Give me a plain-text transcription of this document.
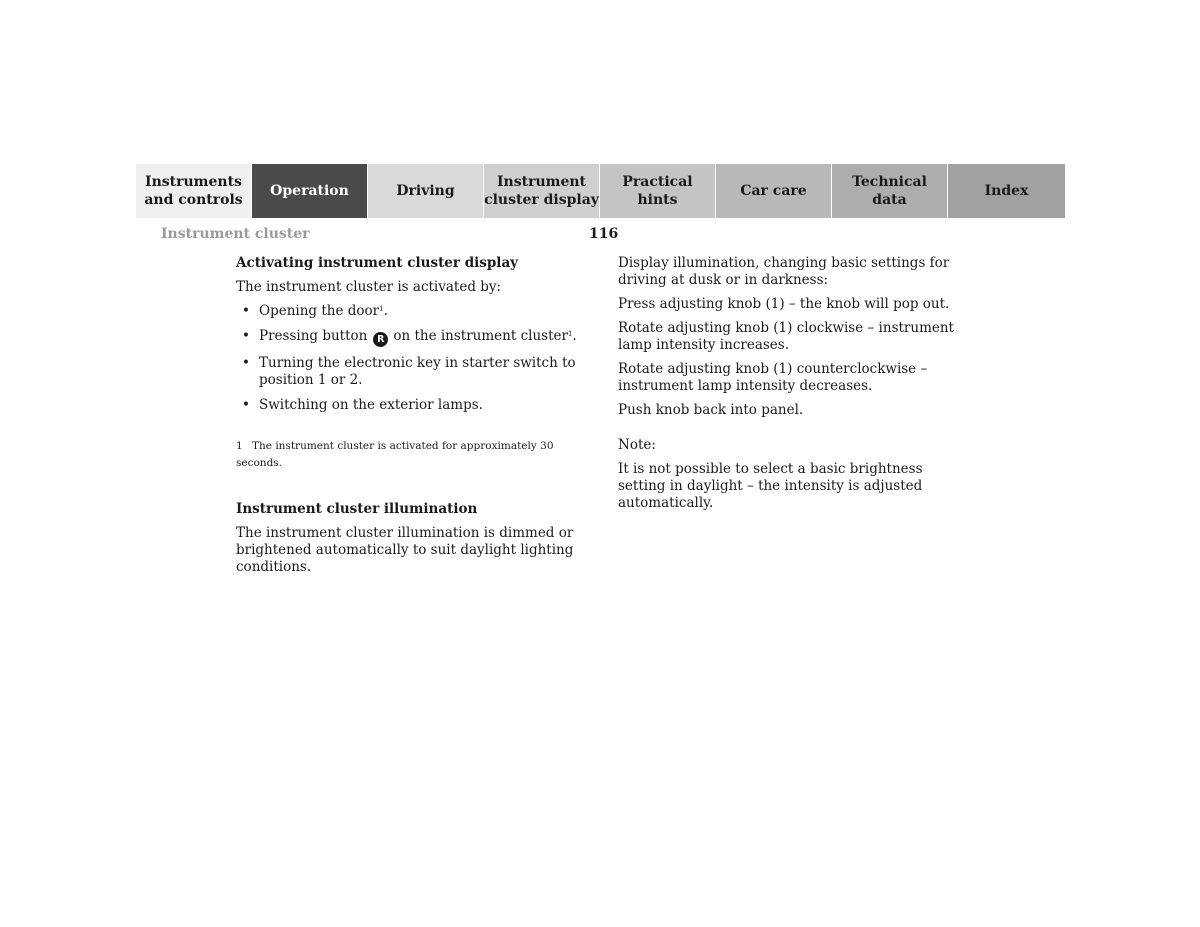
Instruments
and controls
Operation	Driving
Instrument
cluster display
Practical hints
Car care
Technical
data
Index
Instrument cluster	116
Activating instrument cluster display

The instrument cluster is activated by:

• Opening the door$^1$.
• Pressing button R on the instrument cluster$^1$.
• Turning the electronic key in starter switch to position 1 or 2.
• Switching on the exterior lamps.
1 The instrument cluster is activated for approximately 30 seconds.
Instrument cluster illumination

The instrument cluster illumination is dimmed or brightened automatically to suit daylight lighting conditions.

Display illumination, changing basic settings for driving at dusk or in darkness:

Press adjusting knob (1) – the knob will pop out.

Rotate adjusting knob (1) clockwise – instrument lamp intensity increases.

Rotate adjusting knob (1) counterclockwise – instrument lamp intensity decreases.

Push knob back into panel.

Note:

It is not possible to select a basic brightness setting in daylight – the intensity is adjusted automatically.
